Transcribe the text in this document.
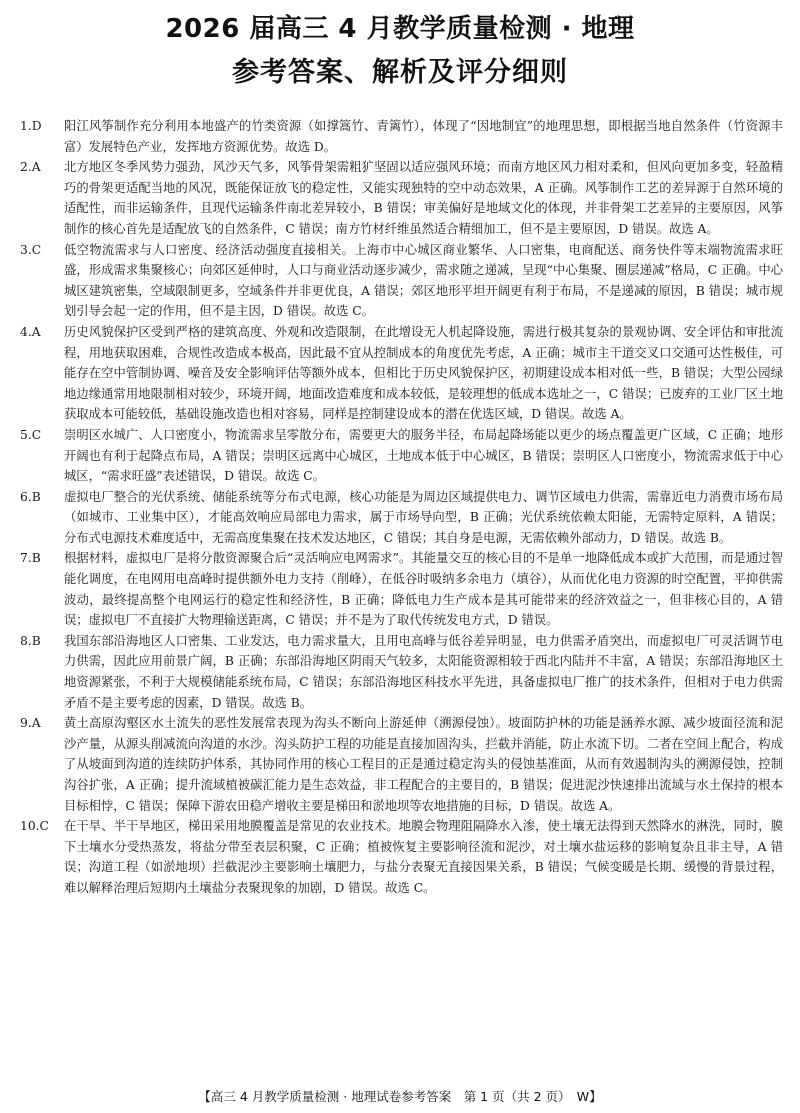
2026 届高三 4 月教学质量检测 · 地理
参考答案、解析及评分细则
1.D	阳江风筝制作充分利用本地盛产的竹类资源（如撑篙竹、青篱竹），体现了“因地制宜”的地理思想，即根据当地自然条件（竹资源丰富）发展特色产业，发挥地方资源优势。故选 D。
2.A	北方地区冬季风势力强劲，风沙天气多，风筝骨架需粗犷坚固以适应强风环境；而南方地区风力相对柔和，但风向更加多变，轻盈精巧的骨架更适配当地的风况，既能保证放飞的稳定性，又能实现独特的空中动态效果，A 正确。风筝制作工艺的差异源于自然环境的适配性，而非运输条件，且现代运输条件南北差异较小，B 错误；审美偏好是地域文化的体现，并非骨架工艺差异的主要原因，风筝制作的核心首先是适配放飞的自然条件，C 错误；南方竹材纤维虽然适合精细加工，但不是主要原因，D 错误。故选 A。
3.C	低空物流需求与人口密度、经济活动强度直接相关。上海市中心城区商业繁华、人口密集，电商配送、商务快件等末端物流需求旺盛，形成需求集聚核心；向郊区延伸时，人口与商业活动逐步减少，需求随之递减，呈现“中心集聚、圈层递减”格局，C 正确。中心城区建筑密集，空域限制更多，空域条件并非更优良，A 错误；郊区地形平坦开阔更有利于布局，不是递减的原因，B 错误；城市规划引导会起一定的作用，但不是主因，D 错误。故选 C。
4.A	历史风貌保护区受到严格的建筑高度、外观和改造限制，在此增设无人机起降设施，需进行极其复杂的景观协调、安全评估和审批流程，用地获取困难，合规性改造成本极高，因此最不宜从控制成本的角度优先考虑，A 正确；城市主干道交叉口交通可达性极佳，可能存在空中管制协调、噪音及安全影响评估等额外成本，但相比于历史风貌保护区，初期建设成本相对低一些，B 错误；大型公园绿地边缘通常用地限制相对较少，环境开阔，地面改造难度和成本较低，是较理想的低成本选址之一，C 错误；已废弃的工业厂区土地获取成本可能较低，基础设施改造也相对容易，同样是控制建设成本的潜在优选区域，D 错误。故选 A。
5.C	崇明区水城广、人口密度小，物流需求呈零散分布，需要更大的服务半径，布局起降场能以更少的场点覆盖更广区域，C 正确；地形开阔也有利于起降点布局，A 错误；崇明区远离中心城区，土地成本低于中心城区，B 错误；崇明区人口密度小，物流需求低于中心城区，“需求旺盛”表述错误，D 错误。故选 C。
6.B	虚拟电厂整合的光伏系统、储能系统等分布式电源，核心功能是为周边区域提供电力、调节区域电力供需，需靠近电力消费市场布局（如城市、工业集中区），才能高效响应局部电力需求，属于市场导向型，B 正确；光伏系统依赖太阳能，无需特定原料，A 错误；分布式电源技术难度适中，无需高度集聚在技术发达地区，C 错误；其自身是电源，无需依赖外部动力，D 错误。故选 B。
7.B	根据材料，虚拟电厂是将分散资源聚合后“灵活响应电网需求”。其能量交互的核心目的不是单一地降低成本或扩大范围，而是通过智能化调度，在电网用电高峰时提供额外电力支持（削峰），在低谷时吸纳多余电力（填谷），从而优化电力资源的时空配置，平抑供需波动，最终提高整个电网运行的稳定性和经济性，B 正确；降低电力生产成本是其可能带来的经济效益之一，但非核心目的，A 错误；虚拟电厂不直接扩大物理输送距离，C 错误；并不是为了取代传统发电方式，D 错误。
8.B	我国东部沿海地区人口密集、工业发达，电力需求量大，且用电高峰与低谷差异明显，电力供需矛盾突出，而虚拟电厂可灵活调节电力供需，因此应用前景广阔，B 正确；东部沿海地区阴雨天气较多，太阳能资源相较于西北内陆并不丰富，A 错误；东部沿海地区土地资源紧张，不利于大规模储能系统布局，C 错误；东部沿海地区科技水平先进，具备虚拟电厂推广的技术条件，但相对于电力供需矛盾不是主要考虑的因素，D 错误。故选 B。
9.A	黄土高原沟壑区水土流失的恶性发展常表现为沟头不断向上游延伸（溯源侵蚀）。坡面防护林的功能是涵养水源、减少坡面径流和泥沙产量，从源头削减流向沟道的水沙。沟头防护工程的功能是直接加固沟头，拦截并消能，防止水流下切。二者在空间上配合，构成了从坡面到沟道的连续防护体系，其协同作用的核心工程目的正是通过稳定沟头的侵蚀基准面，从而有效遏制沟头的溯源侵蚀，控制沟谷扩张，A 正确；提升流域植被碳汇能力是生态效益，非工程配合的主要目的，B 错误；促进泥沙快速排出流域与水土保持的根本目标相悖，C 错误；保障下游农田稳产增收主要是梯田和淤地坝等农地措施的目标，D 错误。故选 A。
10.C	在干旱、半干旱地区，梯田采用地膜覆盖是常见的农业技术。地膜会物理阻隔降水入渗，使土壤无法得到天然降水的淋洗，同时，膜下土壤水分受热蒸发，将盐分带至表层积聚，C 正确；植被恢复主要影响径流和泥沙，对土壤水盐运移的影响复杂且非主导，A 错误；沟道工程（如淤地坝）拦截泥沙主要影响土壤肥力，与盐分表聚无直接因果关系，B 错误；气候变暖是长期、缓慢的背景过程，难以解释治理后短期内土壤盐分表聚现象的加剧，D 错误。故选 C。
【高三 4 月教学质量检测 · 地理试卷参考答案　第 1 页（共 2 页）　W】
